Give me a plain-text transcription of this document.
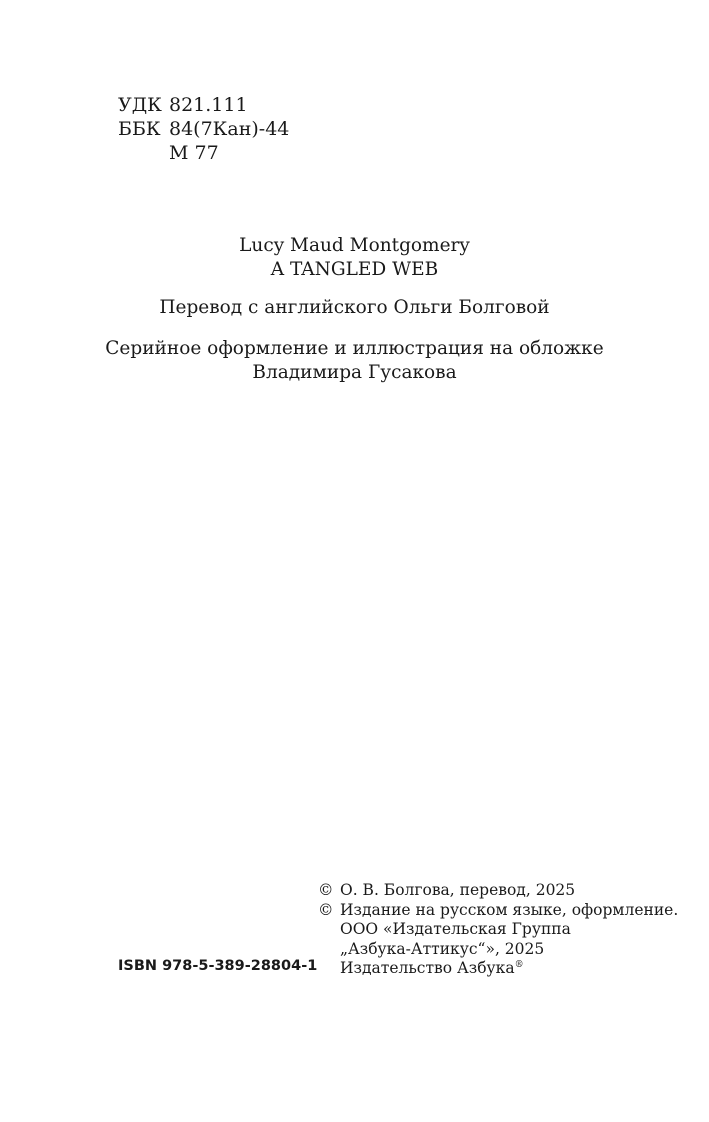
УДК 821.111
ББК 84(7Кан)-44
М 77
Lucy Maud Montgomery
A TANGLED WEB
Перевод с английского Ольги Болговой
Серийное оформление и иллюстрация на обложке
Владимира Гусакова
© О. В. Болгова, перевод, 2025
© Издание на русском языке, оформление.
ООО «Издательская Группа
„Азбука-Аттикус“», 2025
Издательство Азбука®
ISBN 978-5-389-28804-1
